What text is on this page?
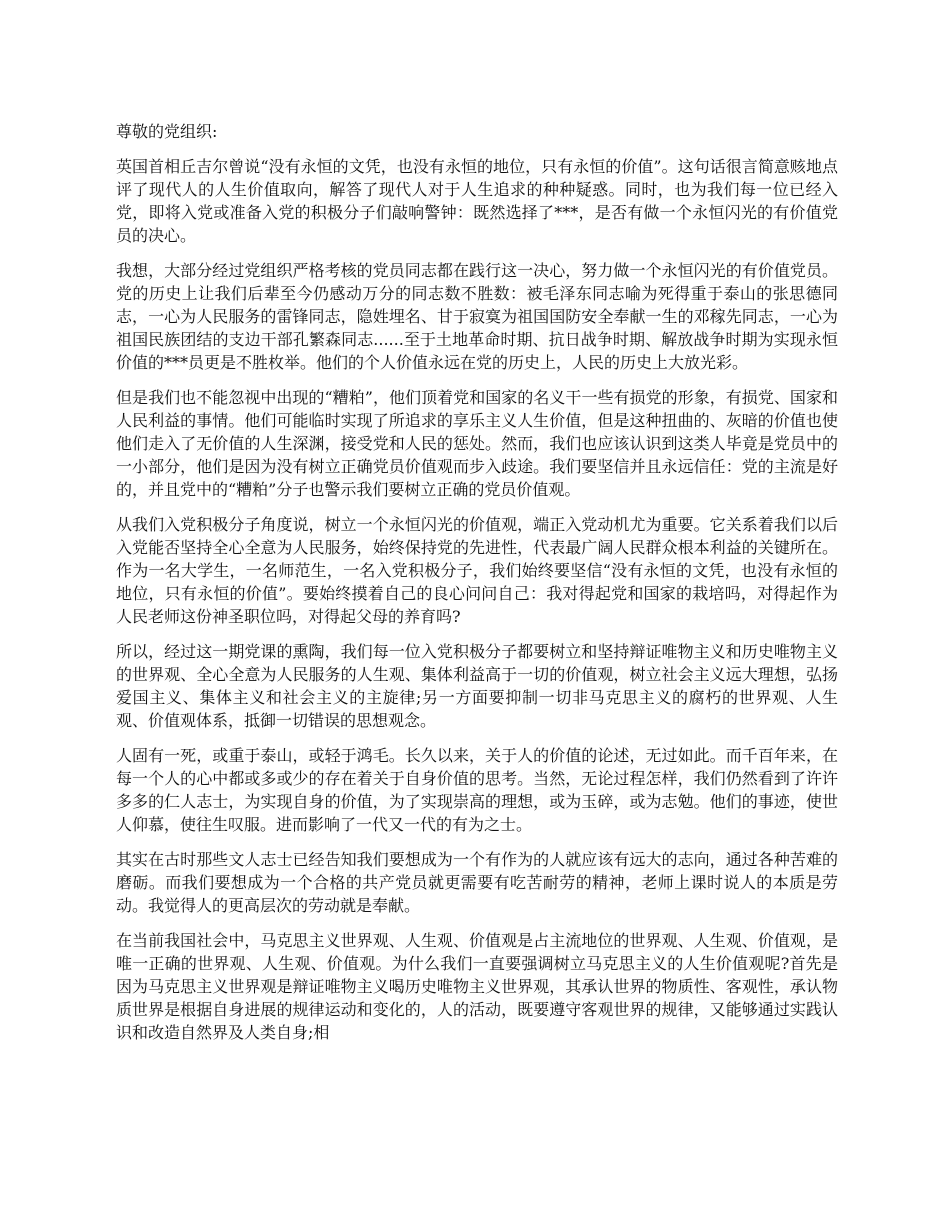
尊敬的党组织:

英国首相丘吉尔曾说“没有永恒的文凭，也没有永恒的地位，只有永恒的价值”。这句话很言简意赅地点评了现代人的人生价值取向，解答了现代人对于人生追求的种种疑惑。同时，也为我们每一位已经入党，即将入党或准备入党的积极分子们敲响警钟：既然选择了***，是否有做一个永恒闪光的有价值党员的决心。

我想，大部分经过党组织严格考核的党员同志都在践行这一决心，努力做一个永恒闪光的有价值党员。党的历史上让我们后辈至今仍感动万分的同志数不胜数：被毛泽东同志喻为死得重于泰山的张思德同志，一心为人民服务的雷锋同志，隐姓埋名、甘于寂寞为祖国国防安全奉献一生的邓稼先同志，一心为祖国民族团结的支边干部孔繁森同志......至于土地革命时期、抗日战争时期、解放战争时期为实现永恒价值的***员更是不胜枚举。他们的个人价值永远在党的历史上，人民的历史上大放光彩。

但是我们也不能忽视中出现的“糟粕”，他们顶着党和国家的名义干一些有损党的形象，有损党、国家和人民利益的事情。他们可能临时实现了所追求的享乐主义人生价值，但是这种扭曲的、灰暗的价值也使他们走入了无价值的人生深渊，接受党和人民的惩处。然而，我们也应该认识到这类人毕竟是党员中的一小部分，他们是因为没有树立正确党员价值观而步入歧途。我们要坚信并且永远信任：党的主流是好的，并且党中的“糟粕”分子也警示我们要树立正确的党员价值观。

从我们入党积极分子角度说，树立一个永恒闪光的价值观，端正入党动机尤为重要。它关系着我们以后入党能否坚持全心全意为人民服务，始终保持党的先进性，代表最广阔人民群众根本利益的关键所在。作为一名大学生，一名师范生，一名入党积极分子，我们始终要坚信“没有永恒的文凭，也没有永恒的地位，只有永恒的价值”。要始终摸着自己的良心问问自己：我对得起党和国家的栽培吗，对得起作为人民老师这份神圣职位吗，对得起父母的养育吗?

所以，经过这一期党课的熏陶，我们每一位入党积极分子都要树立和坚持辩证唯物主义和历史唯物主义的世界观、全心全意为人民服务的人生观、集体利益高于一切的价值观，树立社会主义远大理想，弘扬爱国主义、集体主义和社会主义的主旋律;另一方面要抑制一切非马克思主义的腐朽的世界观、人生观、价值观体系，抵御一切错误的思想观念。

人固有一死，或重于泰山，或轻于鸿毛。长久以来，关于人的价值的论述，无过如此。而千百年来，在每一个人的心中都或多或少的存在着关于自身价值的思考。当然，无论过程怎样，我们仍然看到了许许多多的仁人志士，为实现自身的价值，为了实现崇高的理想，或为玉碎，或为志勉。他们的事迹，使世人仰慕，使往生叹服。进而影响了一代又一代的有为之士。

其实在古时那些文人志士已经告知我们要想成为一个有作为的人就应该有远大的志向，通过各种苦难的磨砺。而我们要想成为一个合格的共产党员就更需要有吃苦耐劳的精神，老师上课时说人的本质是劳动。我觉得人的更高层次的劳动就是奉献。

在当前我国社会中，马克思主义世界观、人生观、价值观是占主流地位的世界观、人生观、价值观，是唯一正确的世界观、人生观、价值观。为什么我们一直要强调树立马克思主义的人生价值观呢?首先是因为马克思主义世界观是辩证唯物主义喝历史唯物主义世界观，其承认世界的物质性、客观性，承认物质世界是根据自身进展的规律运动和变化的，人的活动，既要遵守客观世界的规律，又能够通过实践认识和改造自然界及人类自身;相
